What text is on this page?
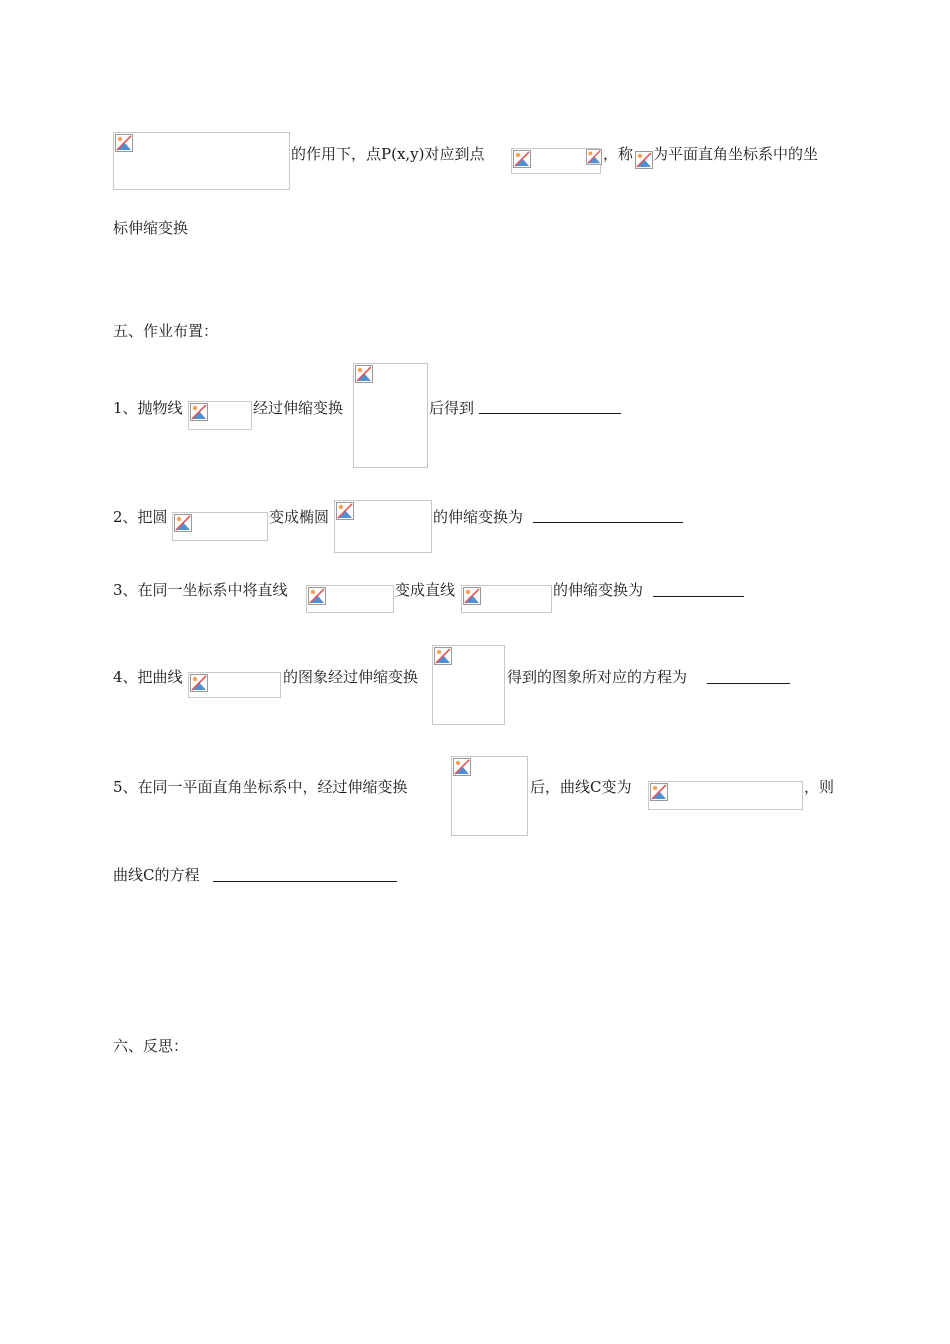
的作用下，点P(x,y)对应到点	，称 为平面直角坐标系中的坐
标伸缩变换
五、作业布置：
1、抛物线	经过伸缩变换	后得到
2、把圆	变成椭圆	的伸缩变换为
3、在同一坐标系中将直线	变成直线	的伸缩变换为
4、把曲线	的图象经过伸缩变换	得到的图象所对应的方程为
5、在同一平面直角坐标系中，经过伸缩变换	后，曲线C变为	，则
曲线C的方程
六、反思：
